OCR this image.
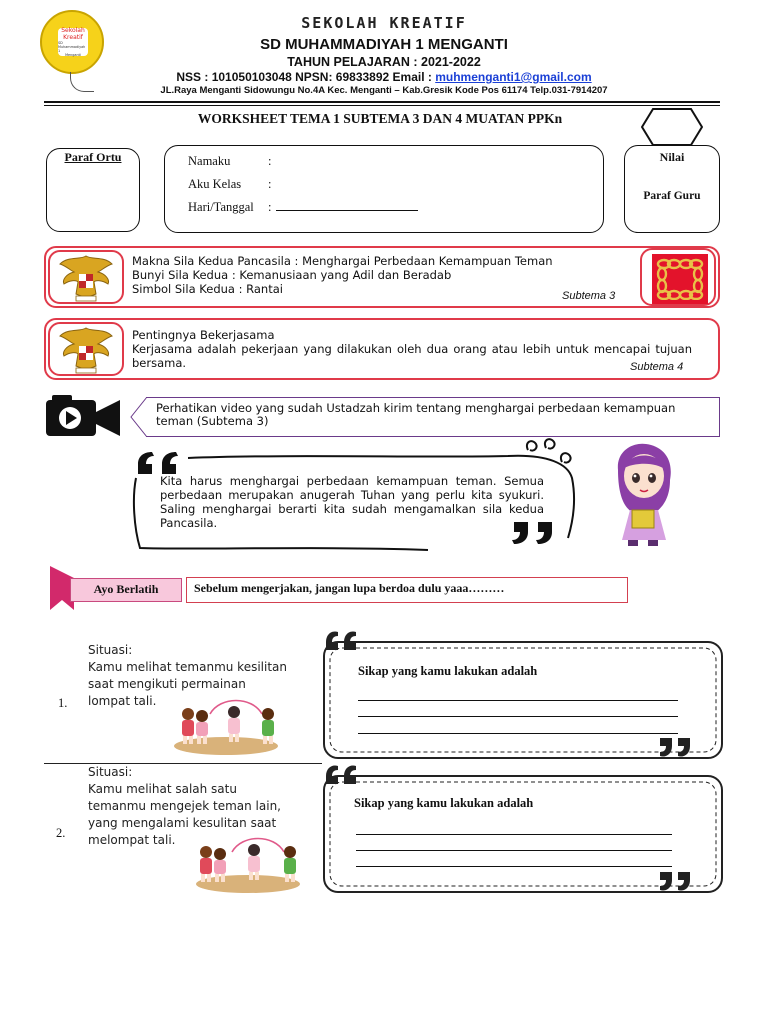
Sekolah
Kreatif
SD Muhammadiyah 1
Menganti
SEKOLAH KREATIF
SD MUHAMMADIYAH 1 MENGANTI
TAHUN PELAJARAN : 2021-2022
NSS : 101050103048 NPSN: 69833892 Email : muhmenganti1@gmail.com
JL.Raya Menganti Sidowungu No.4A Kec. Menganti – Kab.Gresik Kode Pos 61174 Telp.031-7914207
WORKSHEET TEMA 1 SUBTEMA 3 DAN 4 MUATAN PPKn
Paraf Ortu	Namaku	:
Aku Kelas :
Hari/Tanggal :
Nilai
Paraf Guru
Makna Sila Kedua Pancasila : Menghargai Perbedaan Kemampuan Teman
Bunyi Sila Kedua : Kemanusiaan yang Adil dan Beradab
Simbol Sila Kedua : Rantai	Subtema 3
Pentingnya Bekerjasama
Kerjasama adalah pekerjaan yang dilakukan oleh dua orang atau lebih untuk mencapai tujuan bersama.	Subtema 4
Perhatikan video yang sudah Ustadzah kirim tentang menghargai perbedaan kemampuan teman (Subtema 3)
Kita harus menghargai perbedaan kemampuan teman. Semua perbedaan merupakan anugerah Tuhan yang perlu kita syukuri. Saling menghargai berarti kita sudah mengamalkan sila kedua Pancasila.
Ayo Berlatih	Sebelum mengerjakan, jangan lupa berdoa dulu yaaa………
Situasi:
Kamu melihat temanmu kesilitan
saat mengikuti permainan
lompat tali.
1.
Sikap yang kamu lakukan adalah
Situasi:
Kamu melihat salah satu
temanmu mengejek teman lain,
yang mengalami kesulitan saat
melompat tali.
2.
Sikap yang kamu lakukan adalah
